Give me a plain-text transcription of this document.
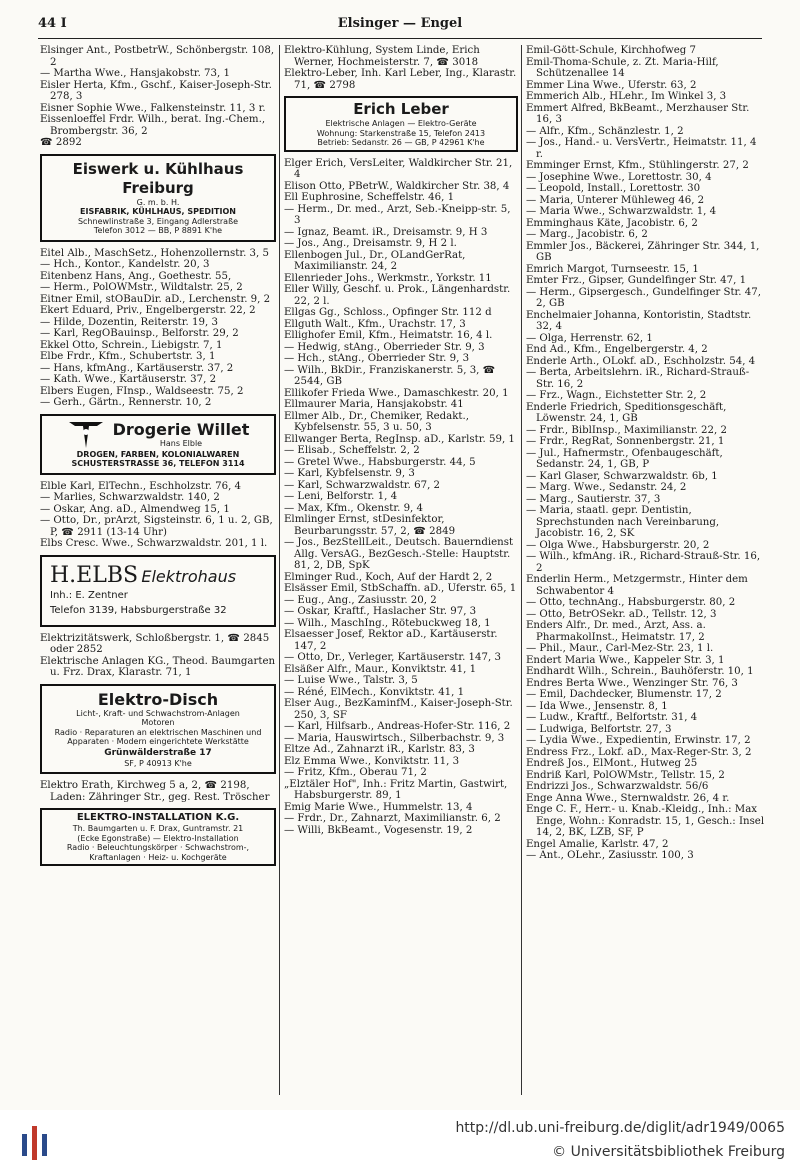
44 I	Elsinger — Engel
Elsinger Ant., PostbetrW., Schönbergstr. 108, 2
— Martha Wwe., Hansjakobstr. 73, 1
Eisler Herta, Kfm., Gschf., Kaiser-Joseph-Str. 278, 3
Eisner Sophie Wwe., Falkensteinstr. 11, 3 r.
Eissenloeffel Frdr. Wilh., berat. Ing.-Chem., Brombergstr. 36, 2
☎ 2892
Eiswerk u. Kühlhaus Freiburg
G. m. b. H.
EISFABRIK, KÜHLHAUS, SPEDITION
Schnewlinstraße 3, Eingang Adlerstraße
Telefon 3012 — BB, P 8891 K'he
Eitel Alb., MaschSetz., Hohenzollernstr. 3, 5
— Hch., Kontor., Kandelstr. 20, 3
Eitenbenz Hans, Ang., Goethestr. 55,
— Herm., PolOWMstr., Wildtalstr. 25, 2
Eitner Emil, stOBauDir. aD., Lerchenstr. 9, 2
Ekert Eduard, Priv., Engelbergerstr. 22, 2
— Hilde, Dozentin, Reiterstr. 19, 3
— Karl, RegOBauinsp., Belforstr. 29, 2
Ekkel Otto, Schrein., Liebigstr. 7, 1
Elbe Frdr., Kfm., Schubertstr. 3, 1
— Hans, kfmAng., Kartäuserstr. 37, 2
— Kath. Wwe., Kartäuserstr. 37, 2
Elbers Eugen, FInsp., Waldseestr. 75, 2
— Gerh., Gärtn., Rennerstr. 10, 2
Drogerie Willet
Hans Elble
DROGEN, FARBEN, KOLONIALWAREN
SCHUSTERSTRASSE 36, TELEFON 3114
Elble Karl, ElTechn., Eschholzstr. 76, 4
— Marlies, Schwarzwaldstr. 140, 2
— Oskar, Ang. aD., Almendweg 15, 1
— Otto, Dr., prArzt, Sigsteinstr. 6, 1 u. 2, GB, P, ☎ 2911 (13-14 Uhr)
Elbs Cresc. Wwe., Schwarzwaldstr. 201, 1 l.
H.ELBS Elektrohaus
Inh.: E. Zentner
Telefon 3139, Habsburgerstraße 32
Elektrizitätswerk, Schloßbergstr. 1, ☎ 2845 oder 2852
Elektrische Anlagen KG., Theod. Baumgarten u. Frz. Drax, Klarastr. 71, 1
Elektro-Disch
Licht-, Kraft- und Schwachstrom-Anlagen
Motoren
Radio · Reparaturen an elektrischen Maschinen und Apparaten · Modern eingerichtete Werkstätte
Grünwälderstraße 17
SF, P 40913 K'he
Elektro Erath, Kirchweg 5 a, 2, ☎ 2198, Laden: Zähringer Str., geg. Rest. Tröscher
ELEKTRO-INSTALLATION K.G.
Th. Baumgarten u. F. Drax, Guntramstr. 21
(Ecke Egonstraße) — Elektro-Installation
Radio · Beleuchtungskörper · Schwachstrom-, Kraftanlagen · Heiz- u. Kochgeräte
Elektro-Kühlung, System Linde, Erich Werner, Hochmeisterstr. 7, ☎ 3018
Elektro-Leber, Inh. Karl Leber, Ing., Klarastr. 71, ☎ 2798
Erich Leber
Elektrische Anlagen — Elektro-Geräte
Wohnung: Starkenstraße 15, Telefon 2413
Betrieb: Sedanstr. 26 — GB, P 42961 K'he
Elger Erich, VersLeiter, Waldkircher Str. 21, 4
Elison Otto, PBetrW., Waldkircher Str. 38, 4
Ell Euphrosine, Scheffelstr. 46, 1
— Herm., Dr. med., Arzt, Seb.-Kneipp-str. 5, 3
— Ignaz, Beamt. iR., Dreisamstr. 9, H 3
— Jos., Ang., Dreisamstr. 9, H 2 l.
Ellenbogen Jul., Dr., OLandGerRat, Maximilianstr. 24, 2
Ellenrieder Johs., Werkmstr., Yorkstr. 11
Eller Willy, Geschf. u. Prok., Längenhardstr. 22, 2 l.
Ellgas Gg., Schloss., Opfinger Str. 112 d
Ellguth Walt., Kfm., Urachstr. 17, 3
Ellighofer Emil, Kfm., Heimatstr. 16, 4 l.
— Hedwig, stAng., Oberrieder Str. 9, 3
— Hch., stAng., Oberrieder Str. 9, 3
— Wilh., BkDir., Franziskanerstr. 5, 3, ☎ 2544, GB
Ellikofer Frieda Wwe., Damaschkestr. 20, 1
Ellmaurer Maria, Hansjakobstr. 41
Ellmer Alb., Dr., Chemiker, Redakt., Kybfelsenstr. 55, 3 u. 50, 3
Ellwanger Berta, RegInsp. aD., Karlstr. 59, 1
— Elisab., Scheffelstr. 2, 2
— Gretel Wwe., Habsburgerstr. 44, 5
— Karl, Kybfelsenstr. 9, 3
— Karl, Schwarzwaldstr. 67, 2
— Leni, Belforstr. 1, 4
— Max, Kfm., Okenstr. 9, 4
Elmlinger Ernst, stDesinfektor, Beurbarungsstr. 57, 2, ☎ 2849
— Jos., BezStellLeit., Deutsch. Bauerndienst Allg. VersAG., BezGesch.-Stelle: Hauptstr. 81, 2, DB, SpK
Elminger Rud., Koch, Auf der Hardt 2, 2
Elsässer Emil, StbSchaffn. aD., Uferstr. 65, 1
— Eug., Ang., Zasiusstr. 20, 2
— Oskar, Kraftf., Haslacher Str. 97, 3
— Wilh., MaschIng., Rötebuckweg 18, 1
Elsaesser Josef, Rektor aD., Kartäuserstr. 147, 2
— Otto, Dr., Verleger, Kartäuserstr. 147, 3
Elsäßer Alfr., Maur., Konviktstr. 41, 1
— Luise Wwe., Talstr. 3, 5
— Réné, ElMech., Konviktstr. 41, 1
Elser Aug., BezKaminfM., Kaiser-Joseph-Str. 250, 3, SF
— Karl, Hilfsarb., Andreas-Hofer-Str. 116, 2
— Maria, Hauswirtsch., Silberbachstr. 9, 3
Eltze Ad., Zahnarzt iR., Karlstr. 83, 3
Elz Emma Wwe., Konviktstr. 11, 3
— Fritz, Kfm., Oberau 71, 2
„Elztäler Hof", Inh.: Fritz Martin, Gastwirt, Habsburgerstr. 89, 1
Emig Marie Wwe., Hummelstr. 13, 4
— Frdr., Dr., Zahnarzt, Maximilianstr. 6, 2
— Willi, BkBeamt., Vogesenstr. 19, 2
Emil-Gött-Schule, Kirchhofweg 7
Emil-Thoma-Schule, z. Zt. Maria-Hilf, Schützenallee 14
Emmer Lina Wwe., Uferstr. 63, 2
Emmerich Alb., HLehr., Im Winkel 3, 3
Emmert Alfred, BkBeamt., Merzhauser Str. 16, 3
— Alfr., Kfm., Schänzlestr. 1, 2
— Jos., Hand.- u. VersVertr., Heimatstr. 11, 4 r.
Emminger Ernst, Kfm., Stühlingerstr. 27, 2
— Josephine Wwe., Lorettostr. 30, 4
— Leopold, Install., Lorettostr. 30
— Maria, Unterer Mühleweg 46, 2
— Maria Wwe., Schwarzwaldstr. 1, 4
Emminghaus Käte, Jacobistr. 6, 2
— Marg., Jacobistr. 6, 2
Emmler Jos., Bäckerei, Zähringer Str. 344, 1, GB
Emrich Margot, Turnseestr. 15, 1
Emter Frz., Gipser, Gundelfinger Str. 47, 1
— Herm., Gipsergesch., Gundelfinger Str. 47, 2, GB
Enchelmaier Johanna, Kontoristin, Stadtstr. 32, 4
— Olga, Herrenstr. 62, 1
End Ad., Kfm., Engelbergerstr. 4, 2
Enderle Arth., OLokf. aD., Eschholzstr. 54, 4
— Berta, Arbeitslehrn. iR., Richard-Strauß-Str. 16, 2
— Frz., Wagn., Eichstetter Str. 2, 2
Enderle Friedrich, Speditionsgeschäft, Löwenstr. 24, 1, GB
— Frdr., BiblInsp., Maximilianstr. 22, 2
— Frdr., RegRat, Sonnenbergstr. 21, 1
— Jul., Hafnermstr., Ofenbaugeschäft, Sedanstr. 24, 1, GB, P
— Karl Glaser, Schwarzwaldstr. 6b, 1
— Marg. Wwe., Sedanstr. 24, 2
— Marg., Sautierstr. 37, 3
— Maria, staatl. gepr. Dentistin, Sprechstunden nach Vereinbarung, Jacobistr. 16, 2, SK
— Olga Wwe., Habsburgerstr. 20, 2
— Wilh., kfmAng. iR., Richard-Strauß-Str. 16, 2
Enderlin Herm., Metzgermstr., Hinter dem Schwabentor 4
— Otto, technAng., Habsburgerstr. 80, 2
— Otto, BetrOSekr. aD., Tellstr. 12, 3
Enders Alfr., Dr. med., Arzt, Ass. a. PharmakolInst., Heimatstr. 17, 2
— Phil., Maur., Carl-Mez-Str. 23, 1 l.
Endert Maria Wwe., Kappeler Str. 3, 1
Endhardt Wilh., Schrein., Bauhöferstr. 10, 1
Endres Berta Wwe., Wenzinger Str. 76, 3
— Emil, Dachdecker, Blumenstr. 17, 2
— Ida Wwe., Jensenstr. 8, 1
— Ludw., Kraftf., Belfortstr. 31, 4
— Ludwiga, Belfortstr. 27, 3
— Lydia Wwe., Expedientin, Erwinstr. 17, 2
Endress Frz., Lokf. aD., Max-Reger-Str. 3, 2
Endreß Jos., ElMont., Hutweg 25
Endriß Karl, PolOWMstr., Tellstr. 15, 2
Endrizzi Jos., Schwarzwaldstr. 56/6
Enge Anna Wwe., Sternwaldstr. 26, 4 r.
Enge C. F., Herr.- u. Knab.-Kleidg., Inh.: Max Enge, Wohn.: Konradstr. 15, 1, Gesch.: Insel 14, 2, BK, LZB, SF, P
Engel Amalie, Karlstr. 47, 2
— Ant., OLehr., Zasiusstr. 100, 3
http://dl.ub.uni-freiburg.de/diglit/adr1949/0065
© Universitätsbibliothek Freiburg
